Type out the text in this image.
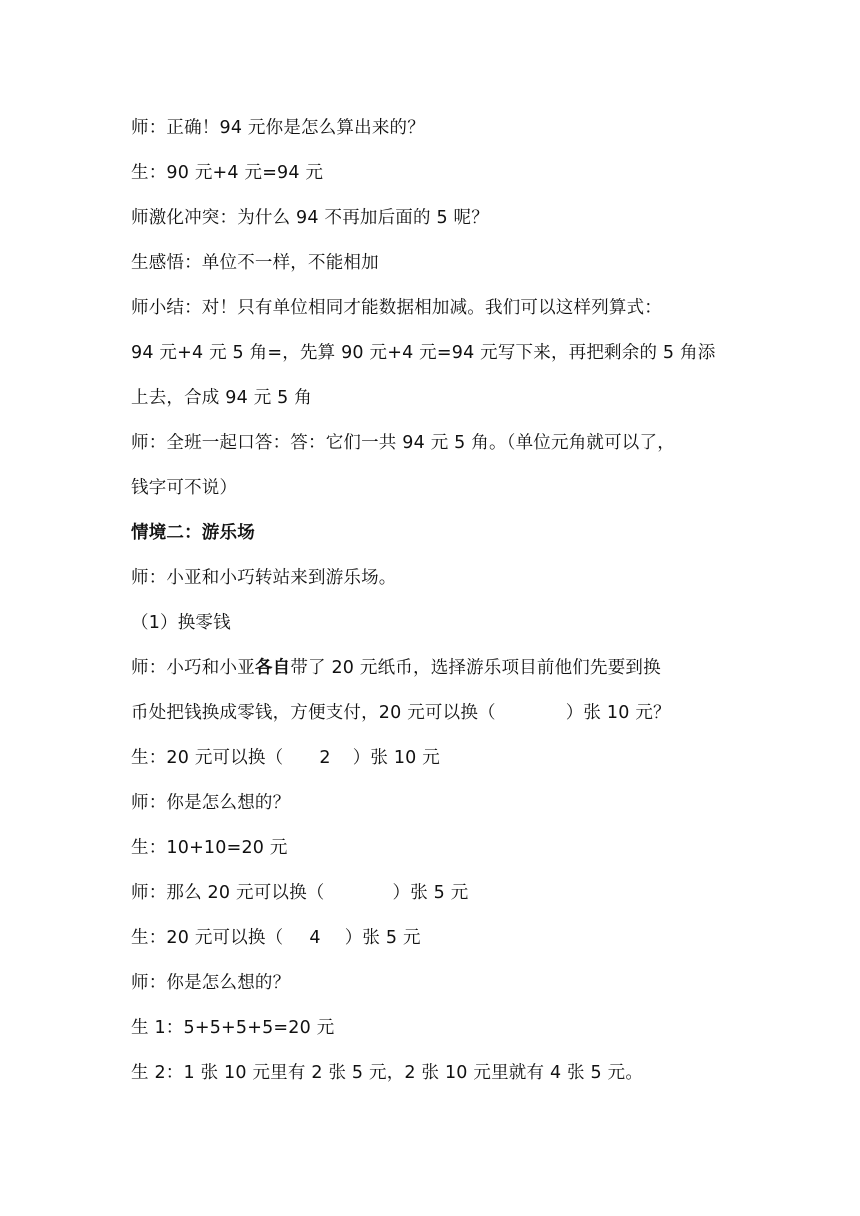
师：正确！94 元你是怎么算出来的？
生：90 元+4 元=94 元
师激化冲突：为什么 94 不再加后面的 5 呢？
生感悟：单位不一样，不能相加
师小结：对！只有单位相同才能数据相加减。我们可以这样列算式：
94 元+4 元 5 角=，先算 90 元+4 元=94 元写下来，再把剩余的 5 角添
上去，合成 94 元 5 角
师：全班一起口答：答：它们一共 94 元 5 角。（单位元角就可以了，
钱字可不说）
情境二：游乐场
师：小亚和小巧转站来到游乐场。
（1）换零钱
师：小巧和小亚各自带了 20 元纸币，选择游乐项目前他们先要到换
币处把钱换成零钱，方便支付，20 元可以换（	）张 10 元？
生：20 元可以换（ 2 ）张 10 元
师：你是怎么想的？
生：10+10=20 元
师：那么 20 元可以换（	）张 5 元
生：20 元可以换（ 4 ）张 5 元
师：你是怎么想的？
生 1：5+5+5+5=20 元
生 2：1 张 10 元里有 2 张 5 元，2 张 10 元里就有 4 张 5 元。
